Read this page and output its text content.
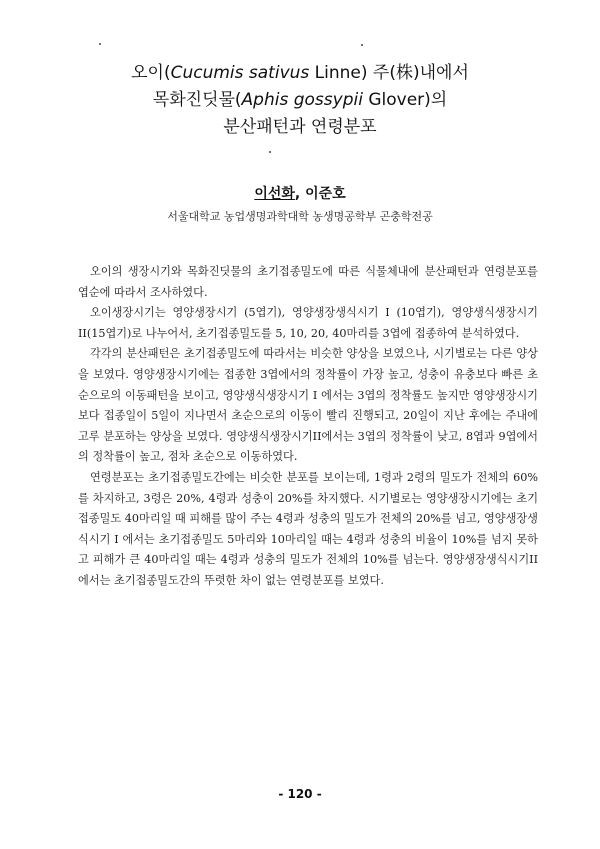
오이(Cucumis sativus Linne) 주(株)내에서
목화진딧물(Aphis gossypii Glover)의
분산패턴과 연령분포
이선화, 이준호
서울대학교 농업생명과학대학 농생명공학부 곤충학전공

오이의 생장시기와 목화진딧물의 초기접종밀도에 따른 식물체내에 분산패턴과 연령분포를 엽순에 따라서 조사하였다.

오이생장시기는 영양생장시기 (5엽기), 영양생장생식시기 I (10엽기), 영양생식생장시기II(15엽기)로 나누어서, 초기접종밀도를 5, 10, 20, 40마리를 3엽에 접종하여 분석하였다.

각각의 분산패턴은 초기접종밀도에 따라서는 비슷한 양상을 보였으나, 시기별로는 다른 양상을 보였다. 영양생장시기에는 접종한 3엽에서의 정착률이 가장 높고, 성충이 유충보다 빠른 초순으로의 이동패턴을 보이고, 영양생식생장시기 I 에서는 3엽의 정착률도 높지만 영양생장시기보다 접종일이 5일이 지나면서 초순으로의 이동이 빨리 진행되고, 20일이 지난 후에는 주내에 고루 분포하는 양상을 보였다. 영양생식생장시기II에서는 3엽의 정착률이 낮고, 8엽과 9엽에서의 정착률이 높고, 점차 초순으로 이동하였다.

연령분포는 초기접종밀도간에는 비슷한 분포를 보이는데, 1령과 2령의 밀도가 전체의 60%를 차지하고, 3령은 20%, 4령과 성충이 20%를 차지했다. 시기별로는 영양생장시기에는 초기접종밀도 40마리일 때 피해를 많이 주는 4령과 성충의 밀도가 전체의 20%를 넘고, 영양생장생식시기 I 에서는 초기접종밀도 5마리와 10마리일 때는 4령과 성충의 비율이 10%를 넘지 못하고 피해가 큰 40마리일 때는 4령과 성충의 밀도가 전체의 10%를 넘는다. 영양생장생식시기II에서는 초기접종밀도간의 뚜렷한 차이 없는 연령분포를 보였다.

- 120 -
